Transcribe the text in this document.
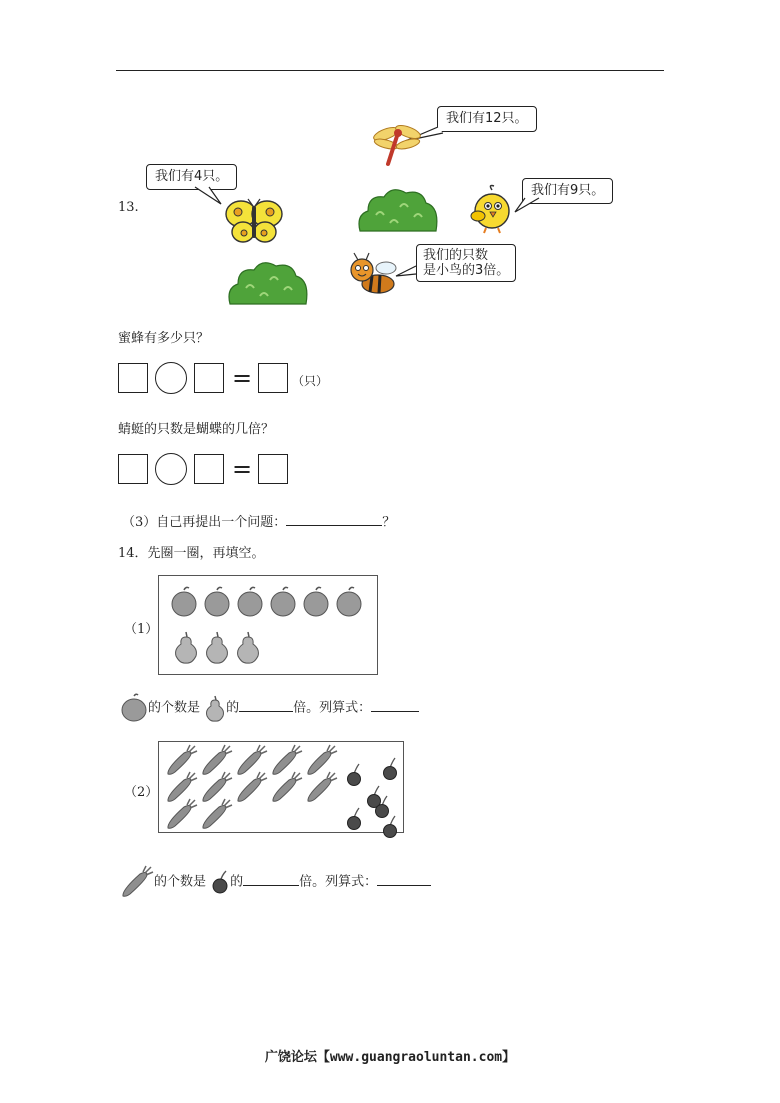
13.
我们有4只。
我们有12只。
我们有9只。
我们的只数
是小鸟的3倍。
蜜蜂有多少只？
=	（只）
蜻蜓的只数是蝴蝶的几倍？
=
（3）自己再提出一个问题：	？
14．先圈一圈，再填空。
（1）
的个数是 的	倍。列算式：
（2）
的个数是 的	倍。列算式：
广饶论坛【www.guangraoluntan.com】
